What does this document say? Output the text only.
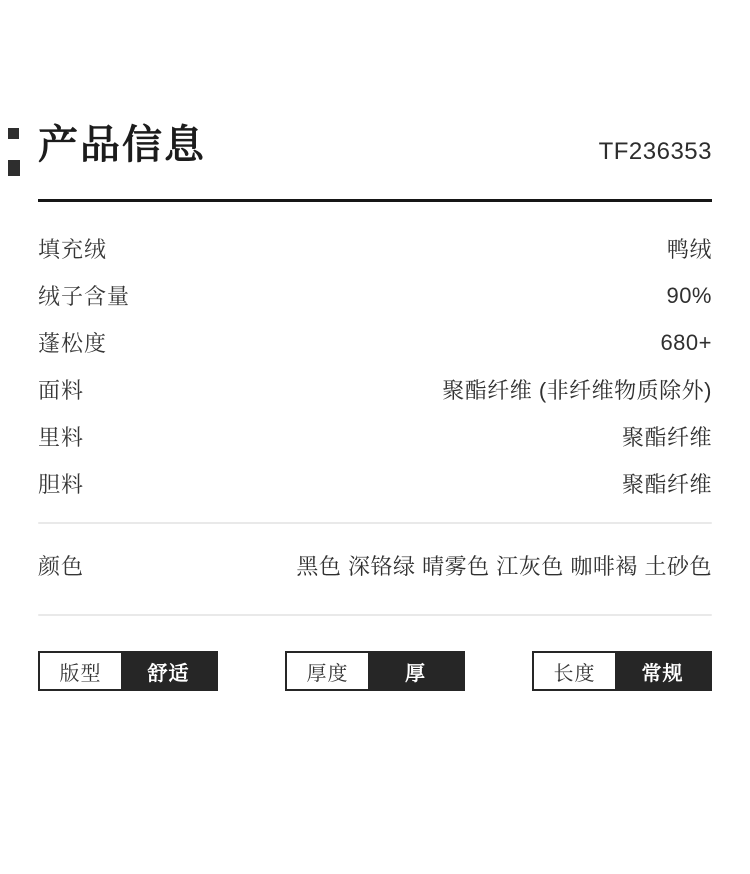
产品信息	TF236353
填充绒	鸭绒
绒子含量	90%
蓬松度	680+
面料	聚酯纤维 (非纤维物质除外)
里料	聚酯纤维
胆料	聚酯纤维
颜色	黑色 深铬绿 晴雾色 江灰色 咖啡褐 土砂色
版型	舒适	厚度	厚	长度	常规
